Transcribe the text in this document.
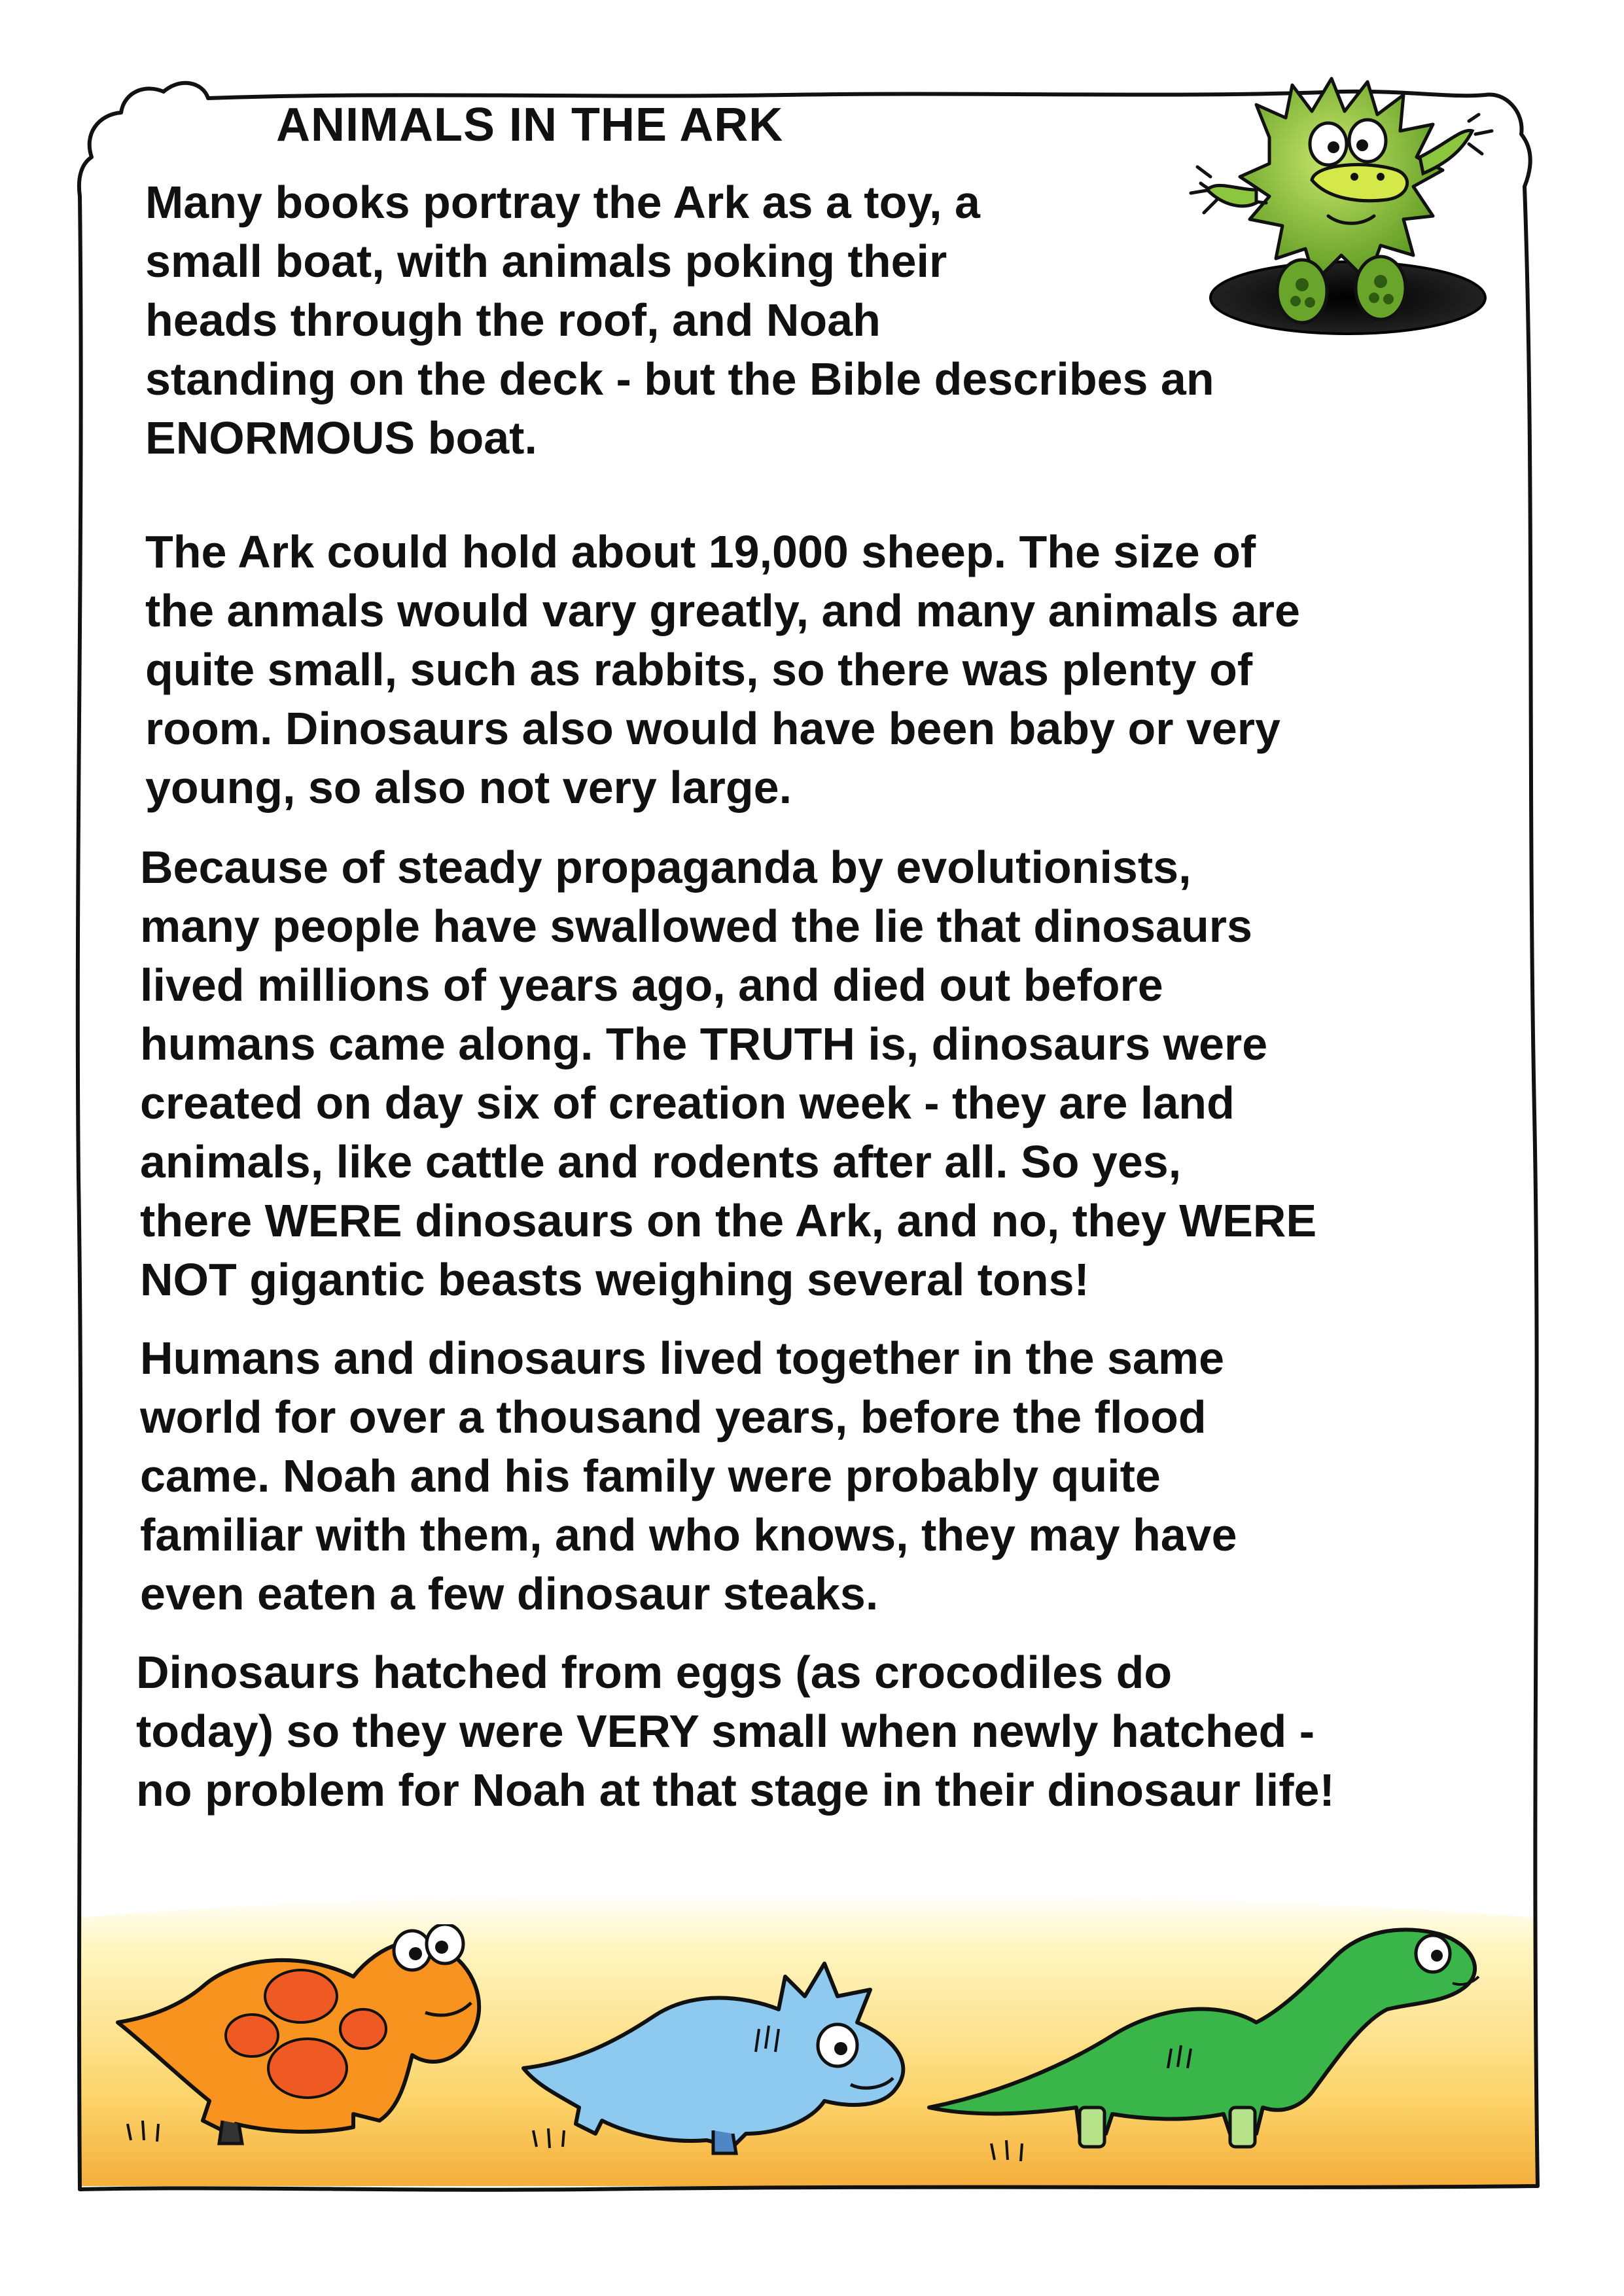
ANIMALS IN THE ARK
Many books portray the Ark as a toy, a
small boat, with animals poking their
heads through the roof, and Noah
standing on the deck - but the Bible describes an
ENORMOUS boat.
The Ark could hold about 19,000 sheep. The size of
the anmals would vary greatly, and many animals are
quite small, such as rabbits, so there was plenty of
room. Dinosaurs also would have been baby or very
young, so also not very large.
Because of steady propaganda by evolutionists,
many people have swallowed the lie that dinosaurs
lived millions of years ago, and died out before
humans came along. The TRUTH is, dinosaurs were
created on day six of creation week - they are land
animals, like cattle and rodents after all. So yes,
there WERE dinosaurs on the Ark, and no, they WERE
NOT gigantic beasts weighing several tons!
Humans and dinosaurs lived together in the same
world for over a thousand years, before the flood
came. Noah and his family were probably quite
familiar with them, and who knows, they may have
even eaten a few dinosaur steaks.
Dinosaurs hatched from eggs (as crocodiles do
today) so they were VERY small when newly hatched -
no problem for Noah at that stage in their dinosaur life!
